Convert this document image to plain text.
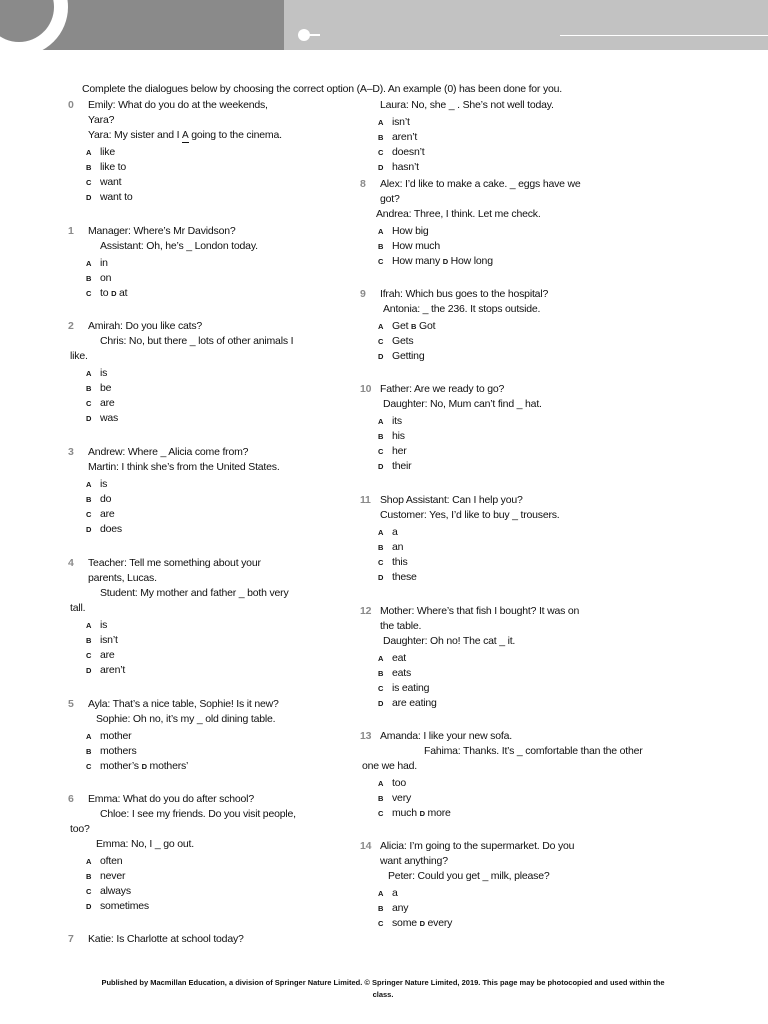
Complete the dialogues below by choosing the correct option (A–D). An example (0) has been done for you.
0 Emily: What do you do at the weekends,
Yara?
Yara: My sister and I A going to the cinema.
A like
B like to
C want
D want to
1 Manager: Where’s Mr Davidson?
Assistant: Oh, he’s _ London today.
A in
B on
C to D at
2 Amirah: Do you like cats?
Chris: No, but there _ lots of other animals I
like.
A is
B be
C are
D was
3 Andrew: Where _ Alicia come from?
Martin: I think she’s from the United States.
A is
B do
C are
D does
4 Teacher: Tell me something about your
parents, Lucas.
Student: My mother and father _ both very
tall.
A is
B isn’t
C are
D aren’t
5 Ayla: That’s a nice table, Sophie! Is it new?
Sophie: Oh no, it’s my _ old dining table.
A mother
B mothers
C mother’s D mothers’
6 Emma: What do you do after school?
Chloe: I see my friends. Do you visit people,
too?
Emma: No, I _ go out.
A often
B never
C always
D sometimes
7 Katie: Is Charlotte at school today?
Laura: No, she _ . She’s not well today.
A isn’t
B aren’t
C doesn’t
D hasn’t
8 Alex: I’d like to make a cake. _ eggs have we
got?
Andrea: Three, I think. Let me check.
A How big
B How much
C How many D How long
9 Ifrah: Which bus goes to the hospital?
Antonia: _ the 236. It stops outside.
A Get B Got
C Gets
D Getting
10 Father: Are we ready to go?
Daughter: No, Mum can’t find _ hat.
A its
B his
C her
D their
11 Shop Assistant: Can I help you?
Customer: Yes, I’d like to buy _ trousers.
A a
B an
C this
D these
12 Mother: Where’s that fish I bought? It was on
the table.
Daughter: Oh no! The cat _ it.
A eat
B eats
C is eating
D are eating
13 Amanda: I like your new sofa.
Fahima: Thanks. It’s _ comfortable than the other
one we had.
A too
B very
C much D more
14 Alicia: I’m going to the supermarket. Do you
want anything?
Peter: Could you get _ milk, please?
A a
B any
C some D every
Published by Macmillan Education, a division of Springer Nature Limited. © Springer Nature Limited, 2019. This page may be photocopied and used within the
class.
